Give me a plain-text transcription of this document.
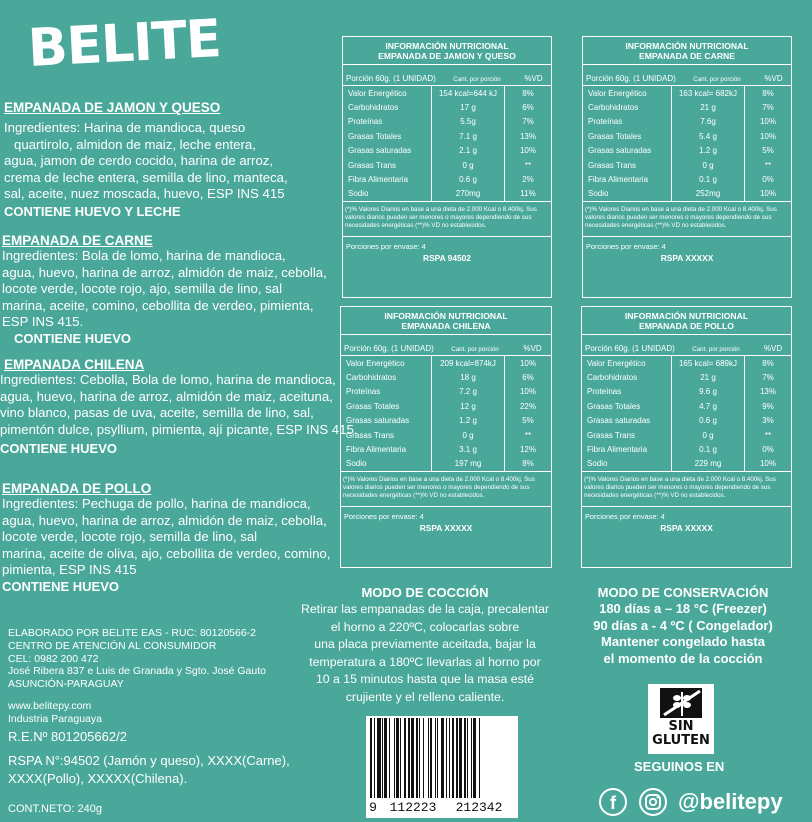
BELITE
EMPANADA DE JAMON Y QUESO
Ingredientes: Harina de mandioca, queso
quartirolo, almidon de maiz, leche entera,
agua, jamon de cerdo cocido, harina de arroz,
crema de leche entera, semilla de lino, manteca,
sal, aceite, nuez moscada, huevo, ESP INS 415
CONTIENE HUEVO Y LECHE
EMPANADA DE CARNE
Ingredientes: Bola de lomo, harina de mandioca,
agua, huevo, harina de arroz, almidón de maiz, cebolla,
locote verde, locote rojo, ajo, semilla de lino, sal
marina, aceite, comino, cebollita de verdeo, pimienta,
ESP INS 415.
CONTIENE HUEVO
EMPANADA CHILENA
Ingredientes: Cebolla, Bola de lomo, harina de mandioca,
agua, huevo, harina de arroz, almidón de maiz, aceituna,
vino blanco, pasas de uva, aceite, semilla de lino, sal,
pimentón dulce, psyllium, pimienta, ají picante, ESP INS 415.
CONTIENE HUEVO
EMPANADA DE POLLO
Ingredientes: Pechuga de pollo, harina de mandioca,
agua, huevo, harina de arroz, almidón de maiz, cebolla,
locote verde, locote rojo, semilla de lino, sal
marina, aceite de oliva, ajo, cebollita de verdeo, comino,
pimienta, ESP INS 415
CONTIENE HUEVO
INFORMACIÓN NUTRICIONAL
EMPANADA DE JAMON Y QUESO
Porción 60g. (1 UNIDAD)	Cant. por porción	%VD
Valor Energético	154 kcal=644 kJ	8%
Carbohidratos	17 g	6%
Proteínas	5.5g	7%
Grasas Totales	7.1 g	13%
Grasas saturadas	2.1 g	10%
Grasas Trans	0 g	**
Fibra Alimentaria	0.6 g	2%
Sodio	270mg	11%
(*)% Valores Diarios en base a una dieta de 2.000 Kcal o 8.400kj. Sus valores diarios pueden ser menores o mayores dependiendo de sus necesidades energéticas (**)% VD no establecidos.
Porciones por envase: 4
RSPA 94502
INFORMACIÓN NUTRICIONAL
EMPANADA DE CARNE
Porción 60g. (1 UNIDAD)	Cant. por porción	%VD
Valor Energético	163 kcal= 682kJ	8%
Carbohidratos	21 g	7%
Proteínas	7.6g	10%
Grasas Totales	5.4 g	10%
Grasas saturadas	1.2 g	5%
Grasas Trans	0 g	**
Fibra Alimentaria	0.1 g	0%
Sodio	252mg	10%
(*)% Valores Diarios en base a una dieta de 2.000 Kcal o 8.400kj. Sus valores diarios pueden ser menores o mayores dependiendo de sus necesidades energéticas (**)% VD no establecidos.
Porciones por envase: 4
RSPA XXXXX
INFORMACIÓN NUTRICIONAL
EMPANADA CHILENA
Porción 60g. (1 UNIDAD)	Cant. por porción	%VD
Valor Energético	209 kcal=874kJ	10%
Carbohidratos	18 g	6%
Proteínas	7.2 g	10%
Grasas Totales	12 g	22%
Grasas saturadas	1.2 g	5%
Grasas Trans	0 g	**
Fibra Alimentaria	3.1 g	12%
Sodio	197 mg	8%
(*)% Valores Diarios en base a una dieta de 2.000 Kcal o 8.400kj. Sus valores diarios pueden ser menores o mayores dependiendo de sus necesidades energéticas (**)% VD no establecidos.
Porciones por envase: 4
RSPA XXXXX
INFORMACIÓN NUTRICIONAL
EMPANADA DE POLLO
Porción 60g. (1 UNIDAD)	Cant. por porción	%VD
Valor Energético	165 kcal= 689kJ	8%
Carbohidratos	21 g	7%
Proteínas	9.6 g	13%
Grasas Totales	4.7 g	9%
Grasas saturadas	0.6 g	3%
Grasas Trans	0 g	**
Fibra Alimentaria	0.1 g	0%
Sodio	229 mg	10%
(*)% Valores Diarios en base a una dieta de 2.000 Kcal o 8.400kj. Sus valores diarios pueden ser menores o mayores dependiendo de sus necesidades energéticas (**)% VD no establecidos.
Porciones por envase: 4
RSPA XXXXX
MODO DE COCCIÓN
Retirar las empanadas de la caja, precalentar
el horno a 220ºC, colocarlas sobre
una placa previamente aceitada, bajar la
temperatura a 180ºC llevarlas al horno por
10 a 15 minutos hasta que la masa esté
crujiente y el relleno caliente.
MODO DE CONSERVACIÓN
180 días a – 18 °C (Freezer)
90 días a - 4 ºC ( Congelador)
Mantener congelado hasta
el momento de la cocción
ELABORADO POR BELITE EAS - RUC: 80120566-2
CENTRO DE ATENCIÓN AL CONSUMIDOR
CEL: 0982 200 472
José Ribera 837 e Luis de Granada y Sgto. José Gauto
ASUNCIÓN-PARAGUAY
www.belitepy.com
Industria Paraguaya
R.E.Nº 801205662/2
RSPA N°:94502 (Jamón y queso), XXXX(Carne),
XXXX(Pollo), XXXXX(Chilena).
CONT.NETO: 240g	9 112223	212342
SIN
GLUTEN
SEGUINOS EN
f	@belitepy
